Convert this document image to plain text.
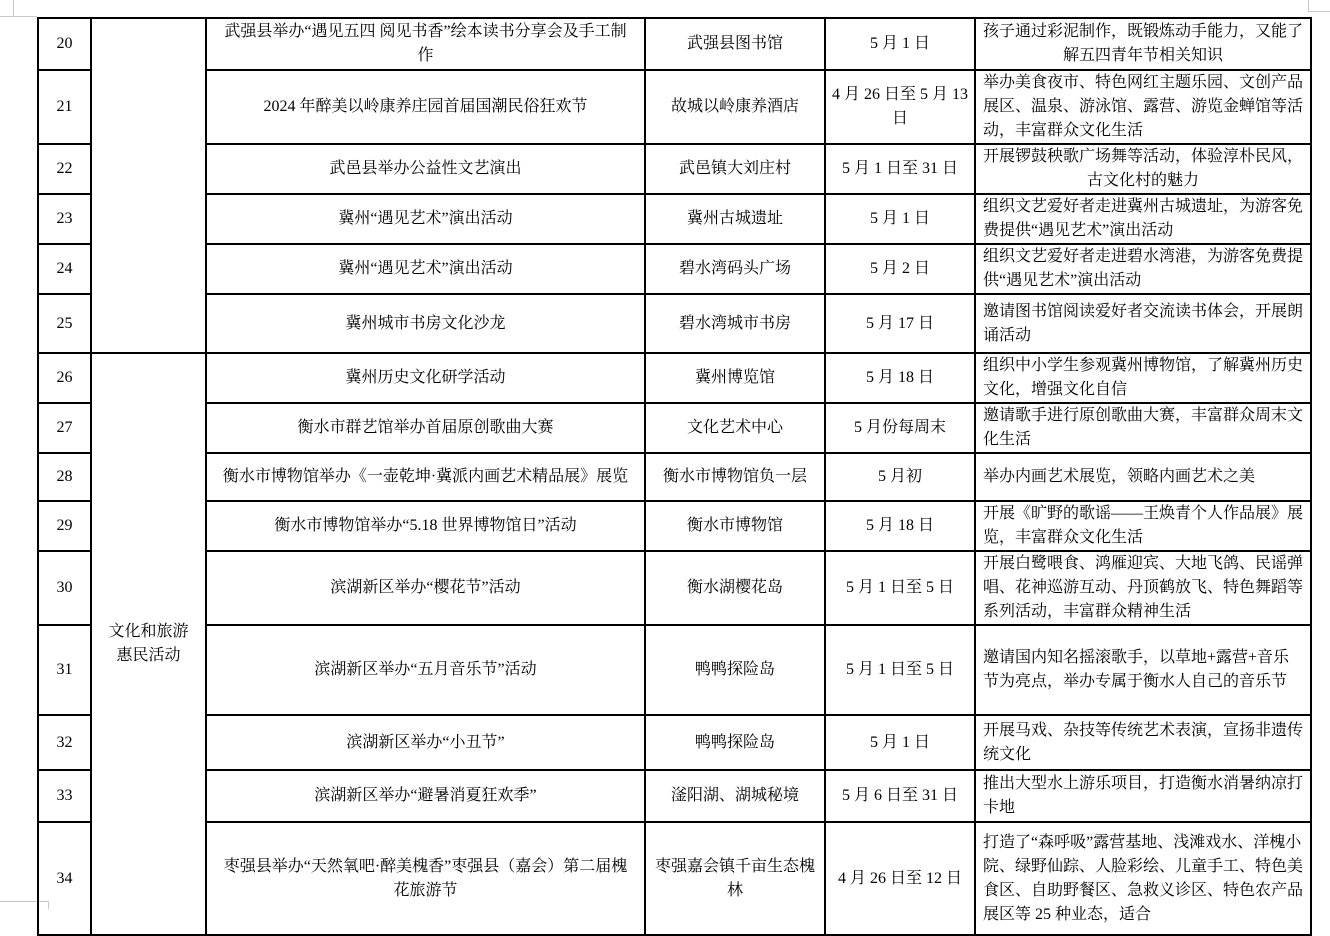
20		武强县举办“遇见五四 阅见书香”绘本读书分享会及手工制作	武强县图书馆	5 月 1 日	孩子通过彩泥制作，既锻炼动手能力，又能了解五四青年节相关知识
21		2024 年醉美以岭康养庄园首届国潮民俗狂欢节	故城以岭康养酒店	4 月 26 日至 5 月 13 日	举办美食夜市、特色网红主题乐园、文创产品展区、温泉、游泳馆、露营、游览金蝉馆等活动，丰富群众文化生活
22		武邑县举办公益性文艺演出	武邑镇大刘庄村	5 月 1 日至 31 日	开展锣鼓秧歌广场舞等活动，体验淳朴民风，古文化村的魅力
23		冀州“遇见艺术”演出活动	冀州古城遗址	5 月 1 日	组织文艺爱好者走进冀州古城遗址，为游客免费提供“遇见艺术”演出活动
24		冀州“遇见艺术”演出活动	碧水湾码头广场	5 月 2 日	组织文艺爱好者走进碧水湾港，为游客免费提供“遇见艺术”演出活动
25		冀州城市书房文化沙龙	碧水湾城市书房	5 月 17 日	邀请图书馆阅读爱好者交流读书体会，开展朗诵活动
26	文化和旅游惠民活动	冀州历史文化研学活动	冀州博览馆	5 月 18 日	组织中小学生参观冀州博物馆，了解冀州历史文化，增强文化自信
27		衡水市群艺馆举办首届原创歌曲大赛	文化艺术中心	5 月份每周末	邀请歌手进行原创歌曲大赛，丰富群众周末文化生活
28		衡水市博物馆举办《一壶乾坤·冀派内画艺术精品展》展览	衡水市博物馆负一层	5 月初	举办内画艺术展览，领略内画艺术之美
29		衡水市博物馆举办“5.18 世界博物馆日”活动	衡水市博物馆	5 月 18 日	开展《旷野的歌谣——王焕青个人作品展》展览，丰富群众文化生活
30		滨湖新区举办“樱花节”活动	衡水湖樱花岛	5 月 1 日至 5 日	开展白鹭喂食、鸿雁迎宾、大地飞鸽、民谣弹唱、花神巡游互动、丹顶鹤放飞、特色舞蹈等系列活动，丰富群众精神生活
31		滨湖新区举办“五月音乐节”活动	鸭鸭探险岛	5 月 1 日至 5 日	邀请国内知名摇滚歌手，以草地+露营+音乐节为亮点，举办专属于衡水人自己的音乐节
32		滨湖新区举办“小丑节”	鸭鸭探险岛	5 月 1 日	开展马戏、杂技等传统艺术表演，宣扬非遗传统文化
33		滨湖新区举办“避暑消夏狂欢季”	滏阳湖、湖城秘境	5 月 6 日至 31 日	推出大型水上游乐项目，打造衡水消暑纳凉打卡地
34		枣强县举办“天然氧吧·醉美槐香”枣强县（嘉会）第二届槐花旅游节	枣强嘉会镇千亩生态槐林	4 月 26 日至 12 日	打造了“森呼吸”露营基地、浅滩戏水、洋槐小院、绿野仙踪、人脸彩绘、儿童手工、特色美食区、自助野餐区、急救义诊区、特色农产品展区等 25 种业态，适合
